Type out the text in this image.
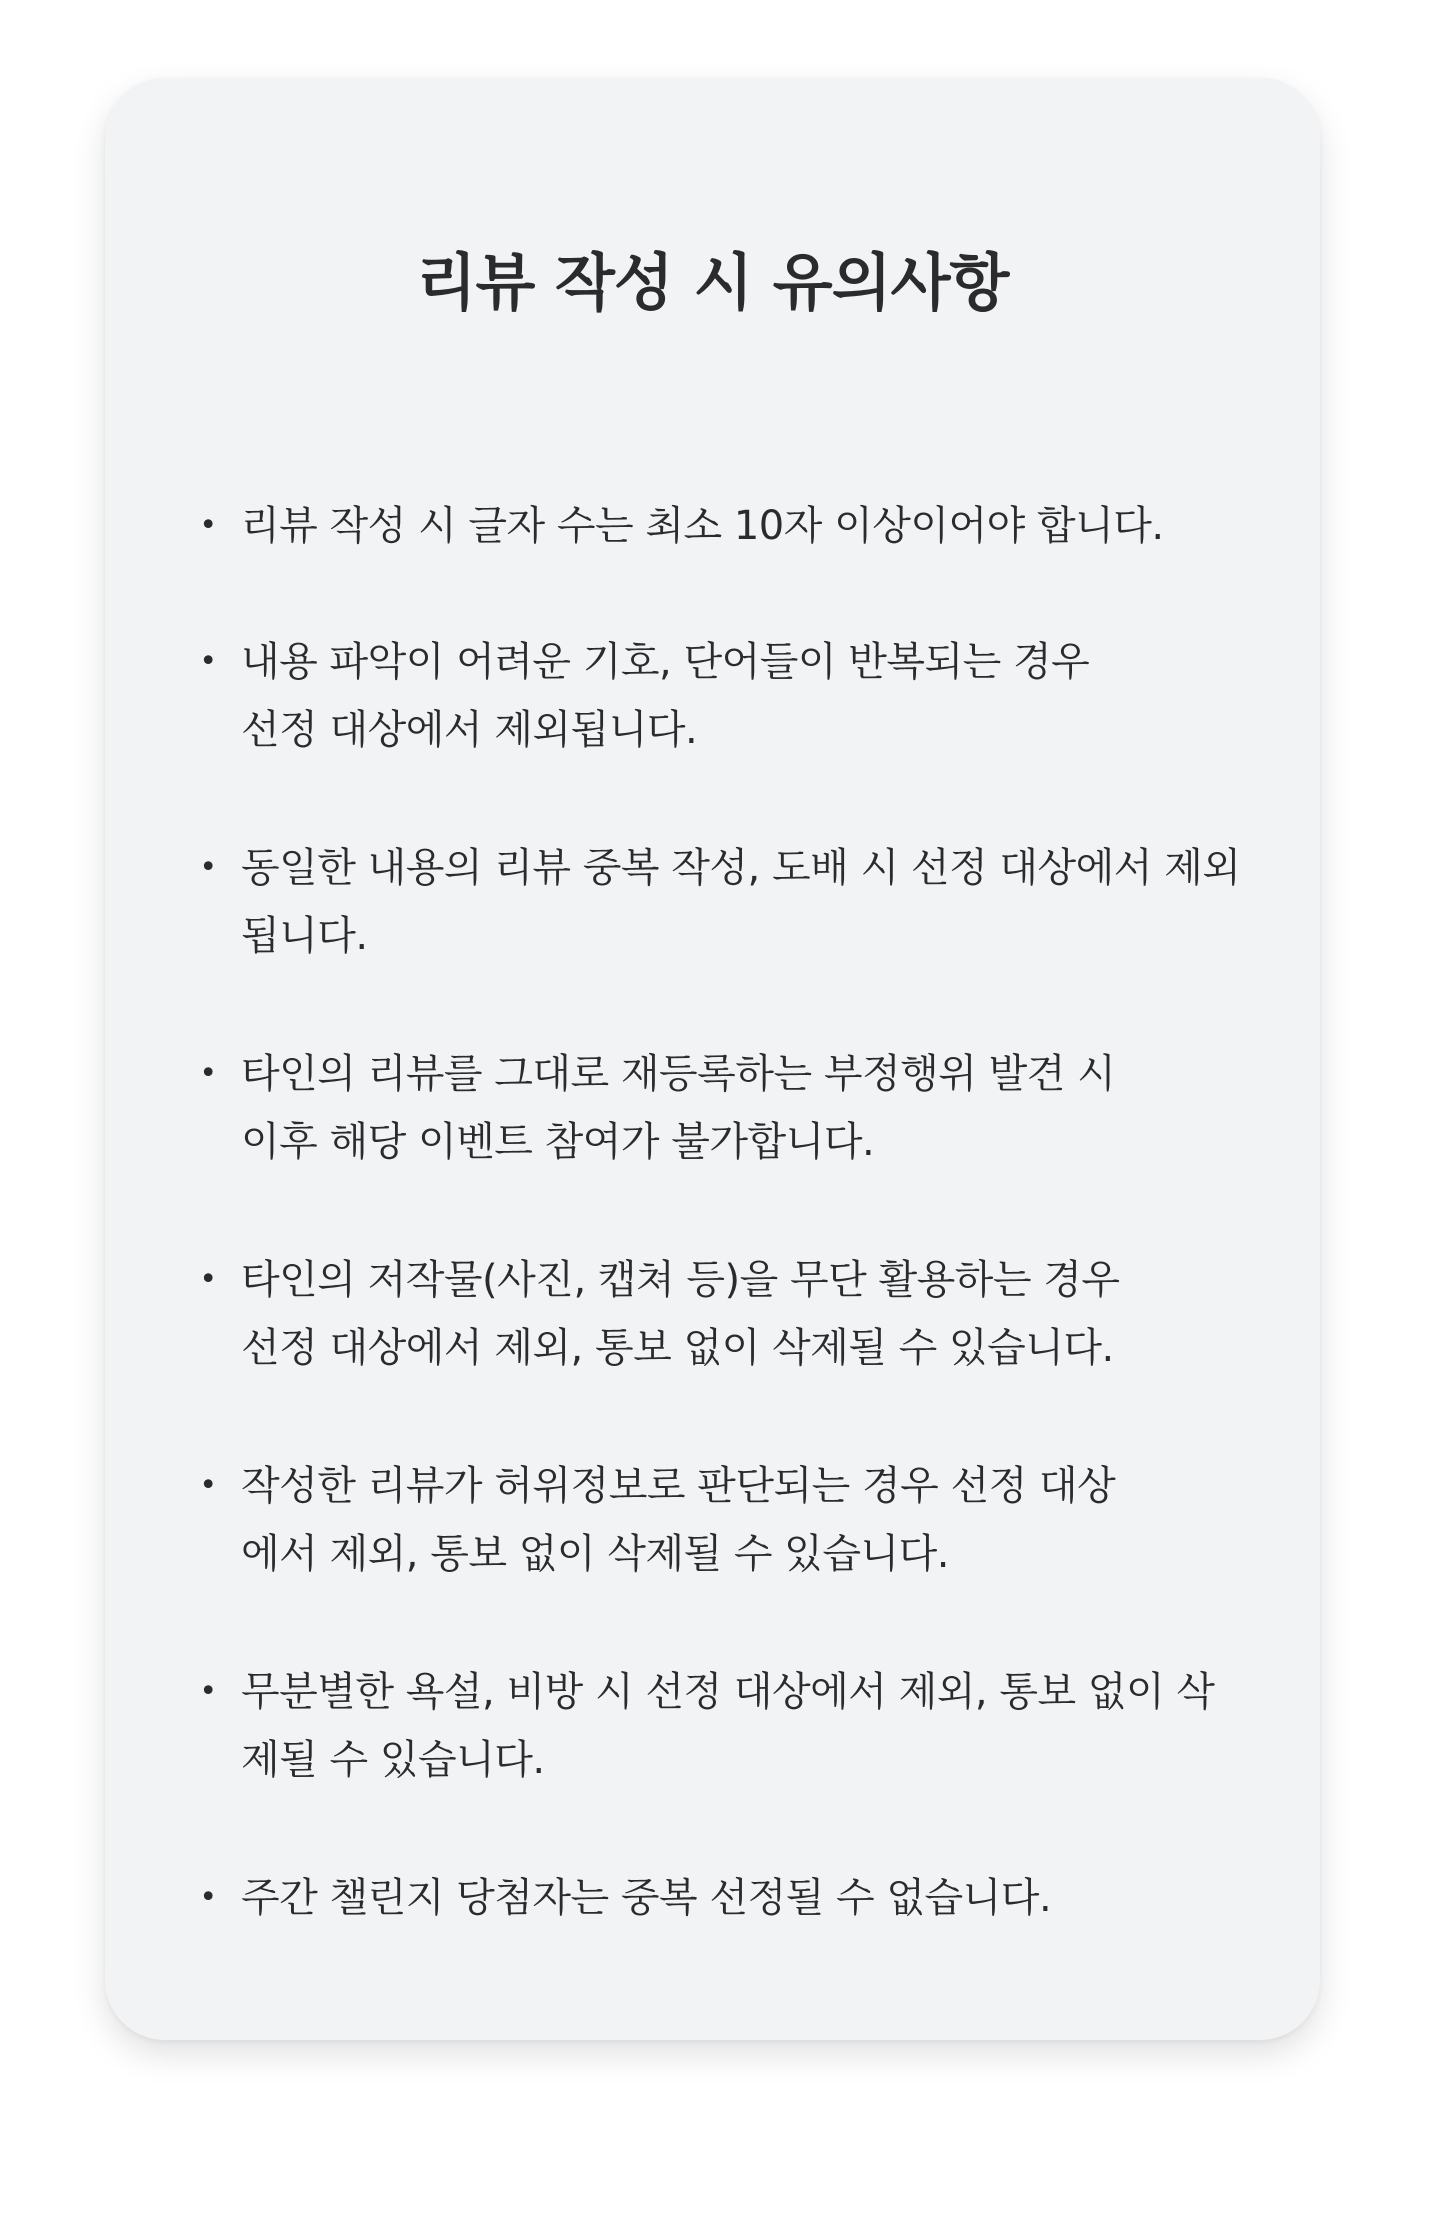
리뷰 작성 시 유의사항
• 리뷰 작성 시 글자 수는 최소 10자 이상이어야 합니다.
• 내용 파악이 어려운 기호, 단어들이 반복되는 경우
선정 대상에서 제외됩니다.
• 동일한 내용의 리뷰 중복 작성, 도배 시 선정 대상에서 제외
됩니다.
• 타인의 리뷰를 그대로 재등록하는 부정행위 발견 시
이후 해당 이벤트 참여가 불가합니다.
• 타인의 저작물(사진, 캡쳐 등)을 무단 활용하는 경우
선정 대상에서 제외, 통보 없이 삭제될 수 있습니다.
• 작성한 리뷰가 허위정보로 판단되는 경우 선정 대상
에서 제외, 통보 없이 삭제될 수 있습니다.
• 무분별한 욕설, 비방 시 선정 대상에서 제외, 통보 없이 삭
제될 수 있습니다.
• 주간 챌린지 당첨자는 중복 선정될 수 없습니다.
